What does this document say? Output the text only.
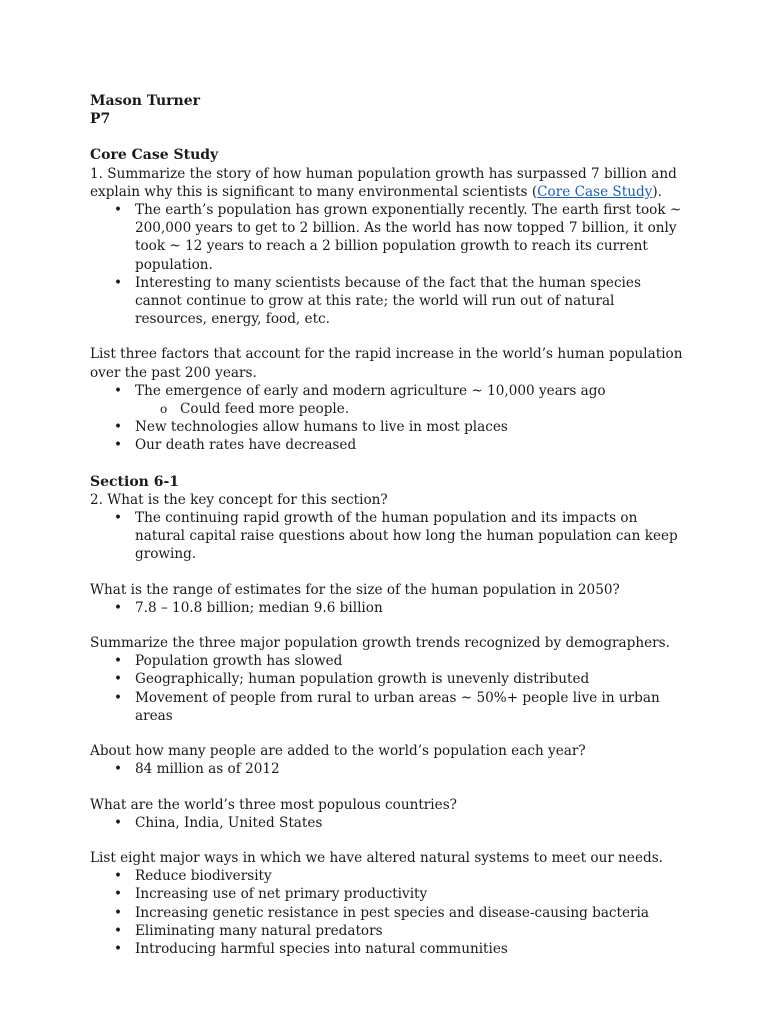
Mason Turner
P7
Core Case Study

1. Summarize the story of how human population growth has surpassed 7 billion and explain why this is significant to many environmental scientists (Core Case Study).

• The earth’s population has grown exponentially recently. The earth first took ~ 200,000 years to get to 2 billion. As the world has now topped 7 billion, it only took ~ 12 years to reach a 2 billion population growth to reach its current population.
• Interesting to many scientists because of the fact that the human species cannot continue to grow at this rate; the world will run out of natural resources, energy, food, etc.

List three factors that account for the rapid increase in the world’s human population over the past 200 years.

• The emergence of early and modern agriculture ~ 10,000 years ago
o Could feed more people.
• New technologies allow humans to live in most places
• Our death rates have decreased
Section 6-1

2. What is the key concept for this section?

• The continuing rapid growth of the human population and its impacts on natural capital raise questions about how long the human population can keep growing.

What is the range of estimates for the size of the human population in 2050?

• 7.8 – 10.8 billion; median 9.6 billion

Summarize the three major population growth trends recognized by demographers.

• Population growth has slowed
• Geographically; human population growth is unevenly distributed
• Movement of people from rural to urban areas ~ 50%+ people live in urban areas

About how many people are added to the world’s population each year?

• 84 million as of 2012

What are the world’s three most populous countries?

• China, India, United States

List eight major ways in which we have altered natural systems to meet our needs.

• Reduce biodiversity
• Increasing use of net primary productivity
• Increasing genetic resistance in pest species and disease-causing bacteria
• Eliminating many natural predators
• Introducing harmful species into natural communities
